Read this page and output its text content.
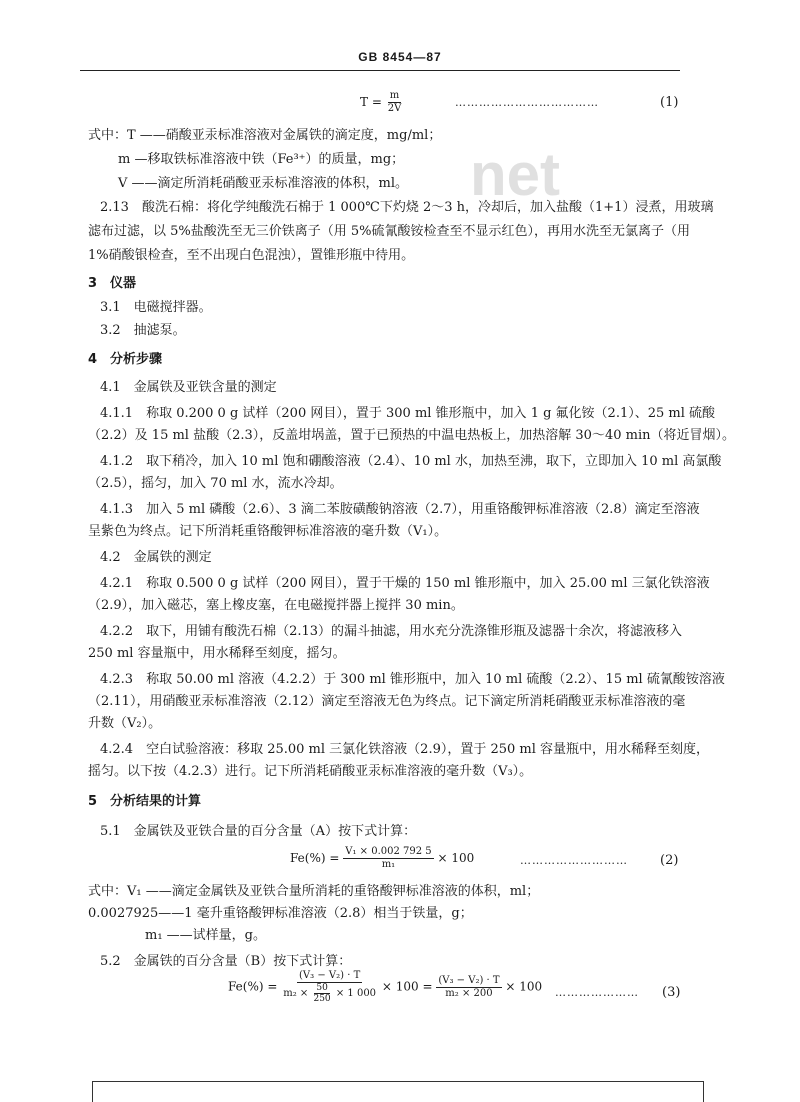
GB 8454—87
net
$T = \frac{m}{2V}$	………………………………	(1)
式中：T ——硝酸亚汞标准溶液对金属铁的滴定度，mg/ml；
m —移取铁标准溶液中铁（Fe³⁺）的质量，mg；
V ——滴定所消耗硝酸亚汞标准溶液的体积，ml。
2.13　酸洗石棉：将化学纯酸洗石棉于 1 000℃下灼烧 2～3 h，冷却后，加入盐酸（1+1）浸煮，用玻璃
滤布过滤，以 5%盐酸洗至无三价铁离子（用 5%硫氰酸铵检查至不显示红色），再用水洗至无氯离子（用
1%硝酸银检查，至不出现白色混浊），置锥形瓶中待用。
3　仪器
3.1　电磁搅拌器。
3.2　抽滤泵。
4　分析步骤
4.1　金属铁及亚铁含量的测定
4.1.1　称取 0.200 0 g 试样（200 网目），置于 300 ml 锥形瓶中，加入 1 g 氟化铵（2.1）、25 ml 硫酸
（2.2）及 15 ml 盐酸（2.3），反盖坩埚盖，置于已预热的中温电热板上，加热溶解 30～40 min（将近冒烟）。
4.1.2　取下稍冷，加入 10 ml 饱和硼酸溶液（2.4）、10 ml 水，加热至沸，取下，立即加入 10 ml 高氯酸
（2.5），摇匀，加入 70 ml 水，流水冷却。
4.1.3　加入 5 ml 磷酸（2.6）、3 滴二苯胺磺酸钠溶液（2.7），用重铬酸钾标准溶液（2.8）滴定至溶液
呈紫色为终点。记下所消耗重铬酸钾标准溶液的毫升数（V₁）。
4.2　金属铁的测定
4.2.1　称取 0.500 0 g 试样（200 网目），置于干燥的 150 ml 锥形瓶中，加入 25.00 ml 三氯化铁溶液
（2.9），加入磁芯，塞上橡皮塞，在电磁搅拌器上搅拌 30 min。
4.2.2　取下，用铺有酸洗石棉（2.13）的漏斗抽滤，用水充分洗涤锥形瓶及滤器十余次，将滤液移入
250 ml 容量瓶中，用水稀释至刻度，摇匀。
4.2.3　称取 50.00 ml 溶液（4.2.2）于 300 ml 锥形瓶中，加入 10 ml 硫酸（2.2）、15 ml 硫氰酸铵溶液
（2.11），用硝酸亚汞标准溶液（2.12）滴定至溶液无色为终点。记下滴定所消耗硝酸亚汞标准溶液的毫
升数（V₂）。
4.2.4　空白试验溶液：移取 25.00 ml 三氯化铁溶液（2.9），置于 250 ml 容量瓶中，用水稀释至刻度，
摇匀。以下按（4.2.3）进行。记下所消耗硝酸亚汞标准溶液的毫升数（V₃）。
5　分析结果的计算
5.1　金属铁及亚铁合量的百分含量（A）按下式计算：
$Fe(\%) = \frac{\text{V₁ × 0.002 792 5}}{\text{m₁}} \times 100$	……………………… (2)
式中：V₁ ——滴定金属铁及亚铁合量所消耗的重铬酸钾标准溶液的体积，ml；
0.0027925——1 毫升重铬酸钾标准溶液（2.8）相当于铁量，g；
m₁ ——试样量，g。
5.2　金属铁的百分含量（B）按下式计算：
$Fe(\%) = \frac{\text{(V₃ − V₂) · T}}{m_2 \times \frac{50}{250} \times 1 000} \times 100 = \frac{\text{(V₃ − V₂) · T}}{\text{m₂ × 200}} \times 100$ ………………… (3)
